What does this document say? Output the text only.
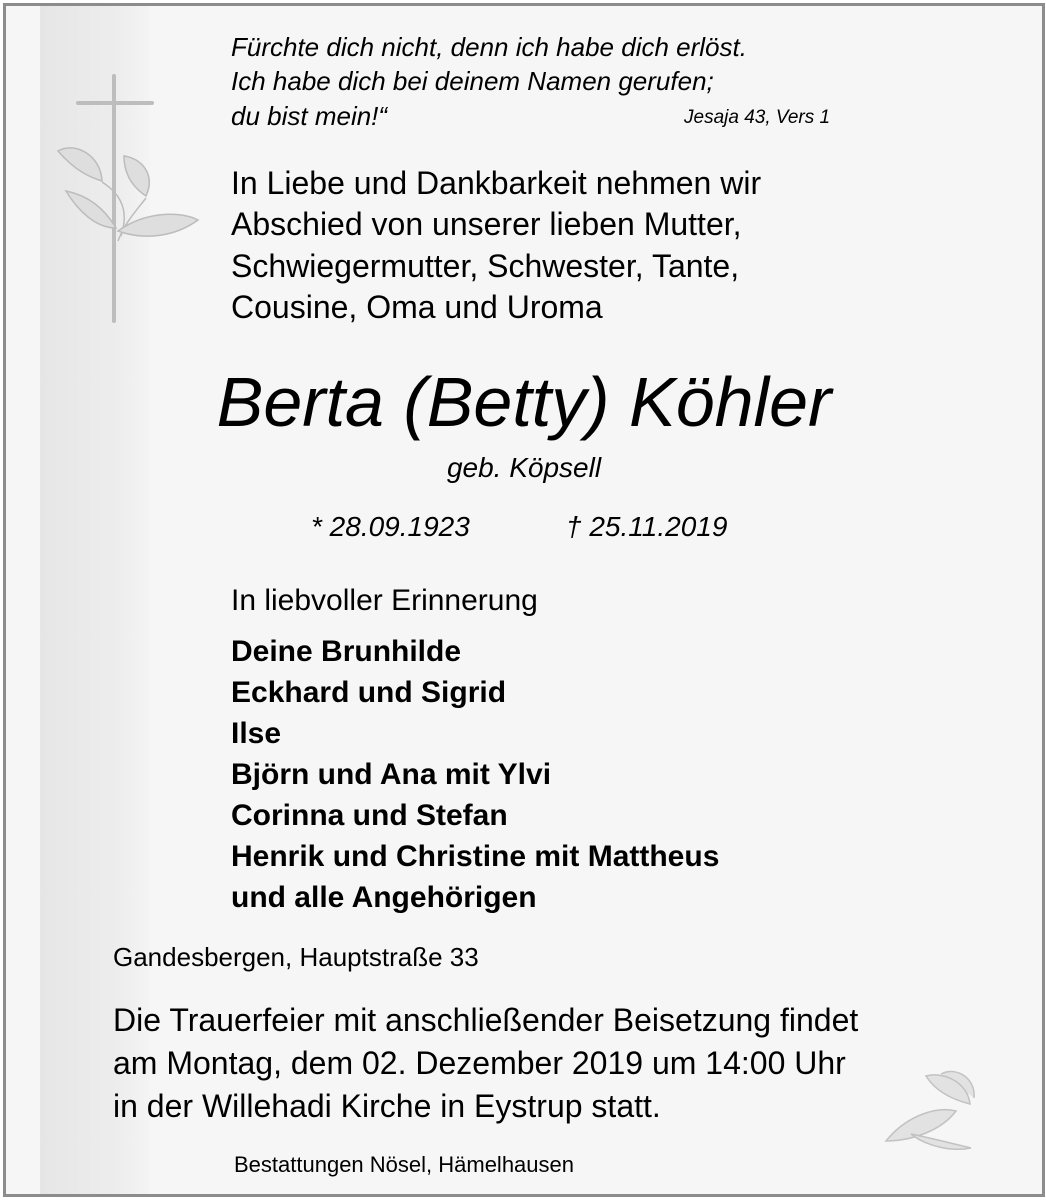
Fürchte dich nicht, denn ich habe dich erlöst.
Ich habe dich bei deinem Namen gerufen;
du bist mein!“	Jesaja 43, Vers 1
In Liebe und Dankbarkeit nehmen wir
Abschied von unserer lieben Mutter,
Schwiegermutter, Schwester, Tante,
Cousine, Oma und Uroma
Berta (Betty) Köhler
geb. Köpsell
* 28.09.1923	† 25.11.2019
In liebvoller Erinnerung
Deine Brunhilde
Eckhard und Sigrid
Ilse
Björn und Ana mit Ylvi
Corinna und Stefan
Henrik und Christine mit Mattheus
und alle Angehörigen
Gandesbergen, Hauptstraße 33
Die Trauerfeier mit anschließender Beisetzung findet
am Montag, dem 02. Dezember 2019 um 14:00 Uhr
in der Willehadi Kirche in Eystrup statt.
Bestattungen Nösel, Hämelhausen
